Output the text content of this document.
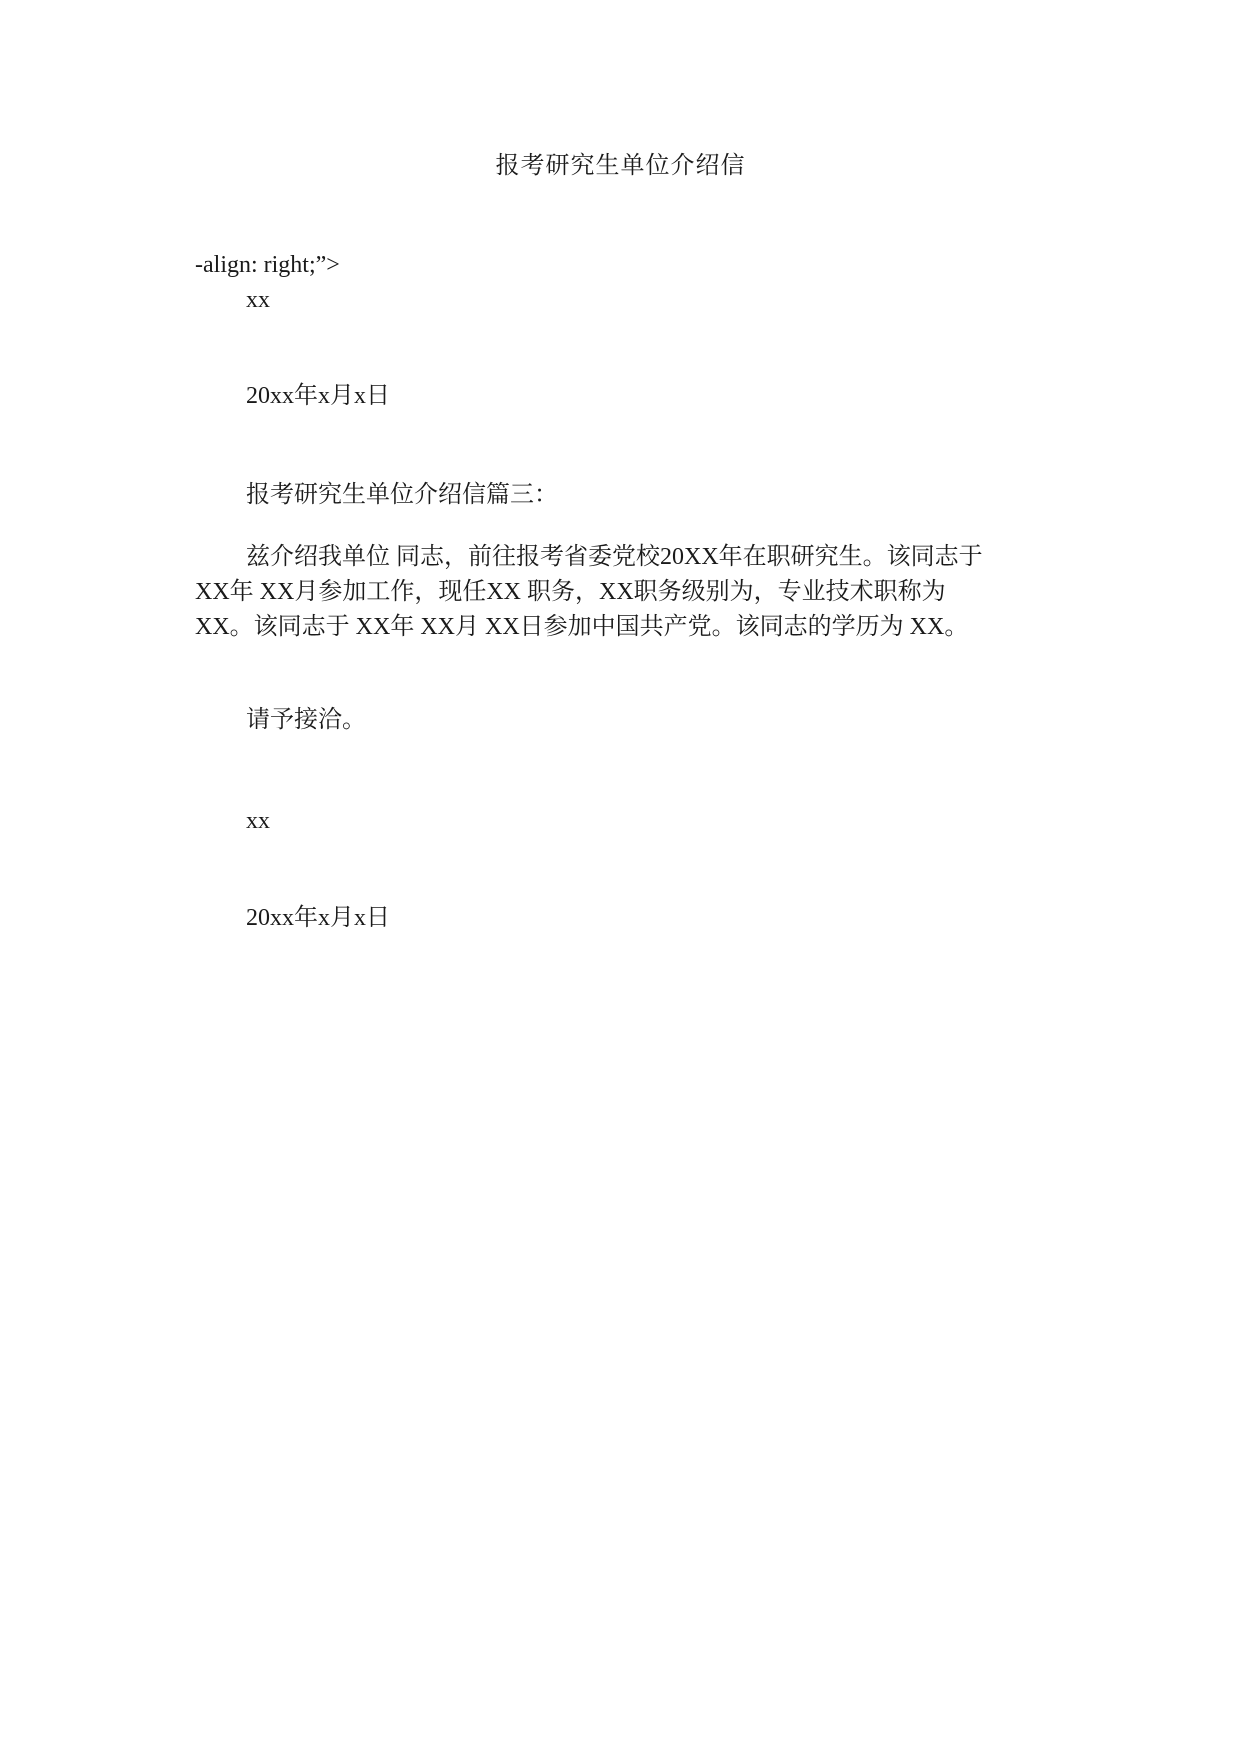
报考研究生单位介绍信
-align: right;”>
xx
20xx年x月x日
报考研究生单位介绍信篇三：
兹介绍我单位 同志，前往报考省委党校20XX年在职研究生。该同志于
XX年 XX月参加工作，现任XX 职务，XX职务级别为，专业技术职称为
XX。该同志于 XX年 XX月 XX日参加中国共产党。该同志的学历为 XX。
请予接洽。
xx
20xx年x月x日
